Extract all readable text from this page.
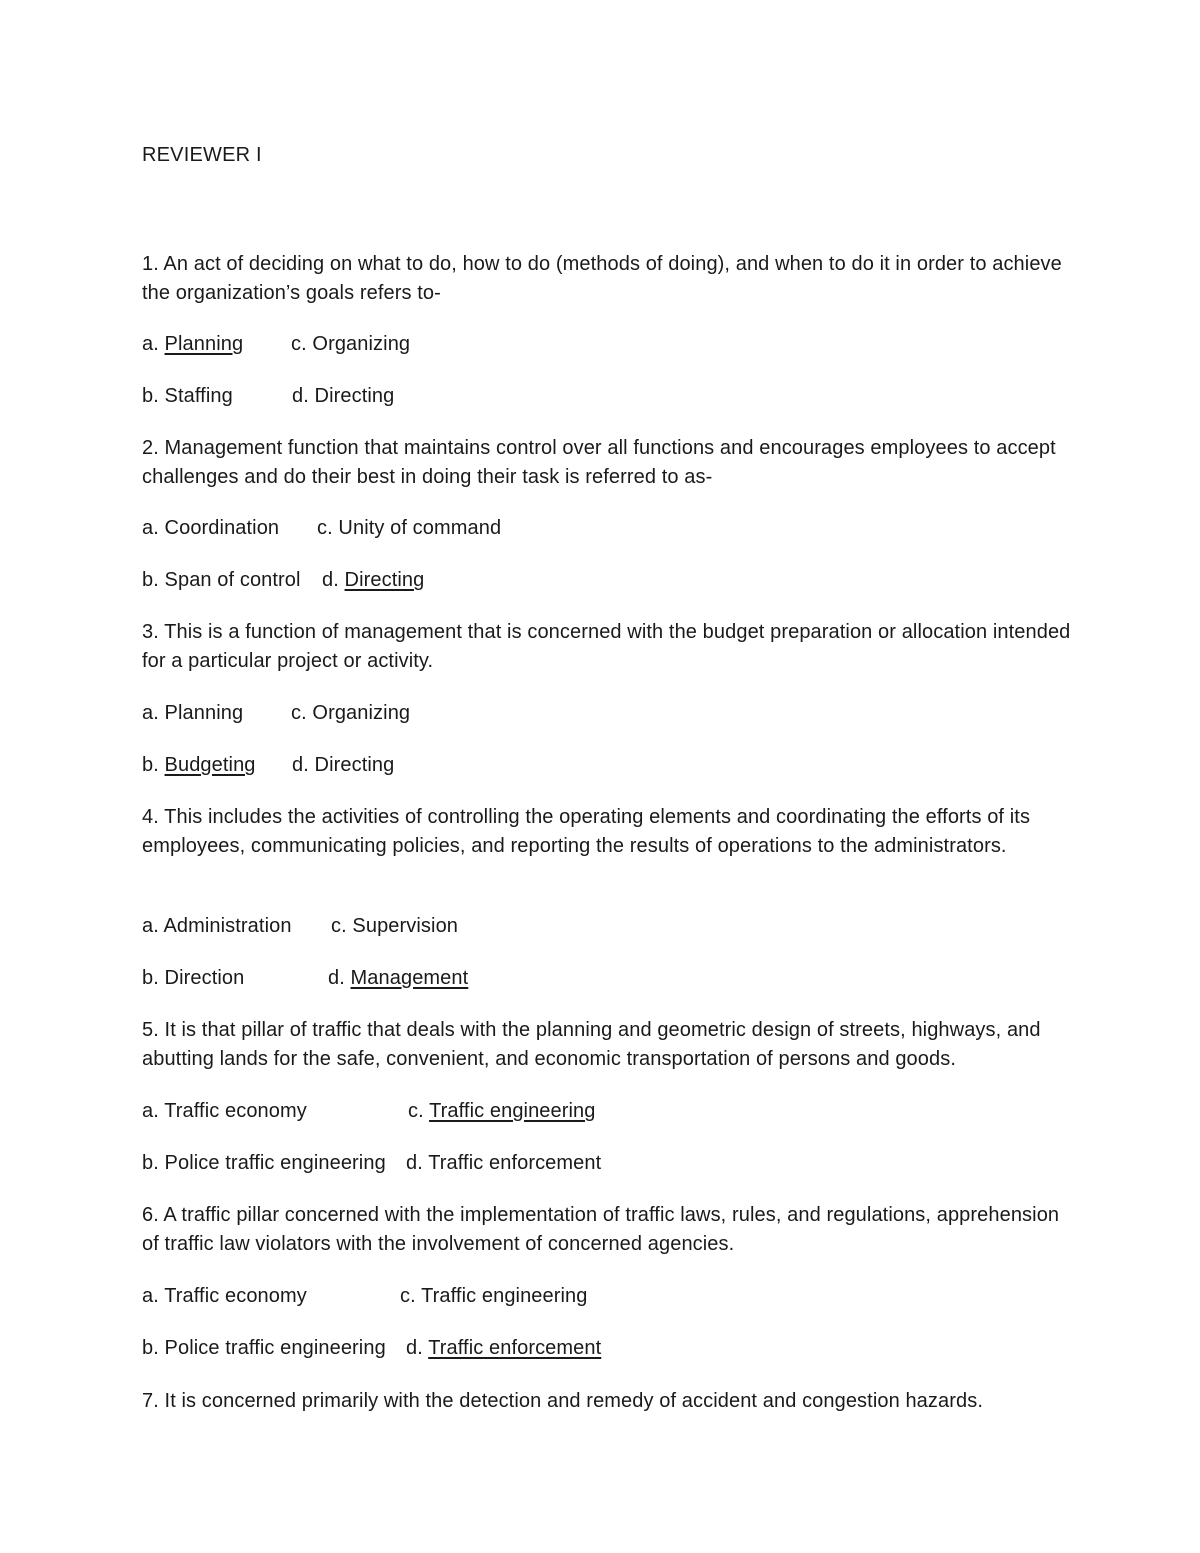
REVIEWER I
1. An act of deciding on what to do, how to do (methods of doing), and when to do it in order to achieve the organization’s goals refers to-
a. Planning c. Organizing
b. Staffing	d. Directing
2. Management function that maintains control over all functions and encourages employees to accept challenges and do their best in doing their task is referred to as-
a. Coordination c. Unity of command
b. Span of control d. Directing
3. This is a function of management that is concerned with the budget preparation or allocation intended for a particular project or activity.
a. Planning c. Organizing
b. Budgeting d. Directing
4. This includes the activities of controlling the operating elements and coordinating the efforts of its employees, communicating policies, and reporting the results of operations to the administrators.
a. Administration c. Supervision
b. Direction	d. Management
5. It is that pillar of traffic that deals with the planning and geometric design of streets, highways, and abutting lands for the safe, convenient, and economic transportation of persons and goods.
a. Traffic economy	c. Traffic engineering
b. Police traffic engineering d. Traffic enforcement
6. A traffic pillar concerned with the implementation of traffic laws, rules, and regulations, apprehension of traffic law violators with the involvement of concerned agencies.
a. Traffic economy	c. Traffic engineering
b. Police traffic engineering d. Traffic enforcement
7. It is concerned primarily with the detection and remedy of accident and congestion hazards.
